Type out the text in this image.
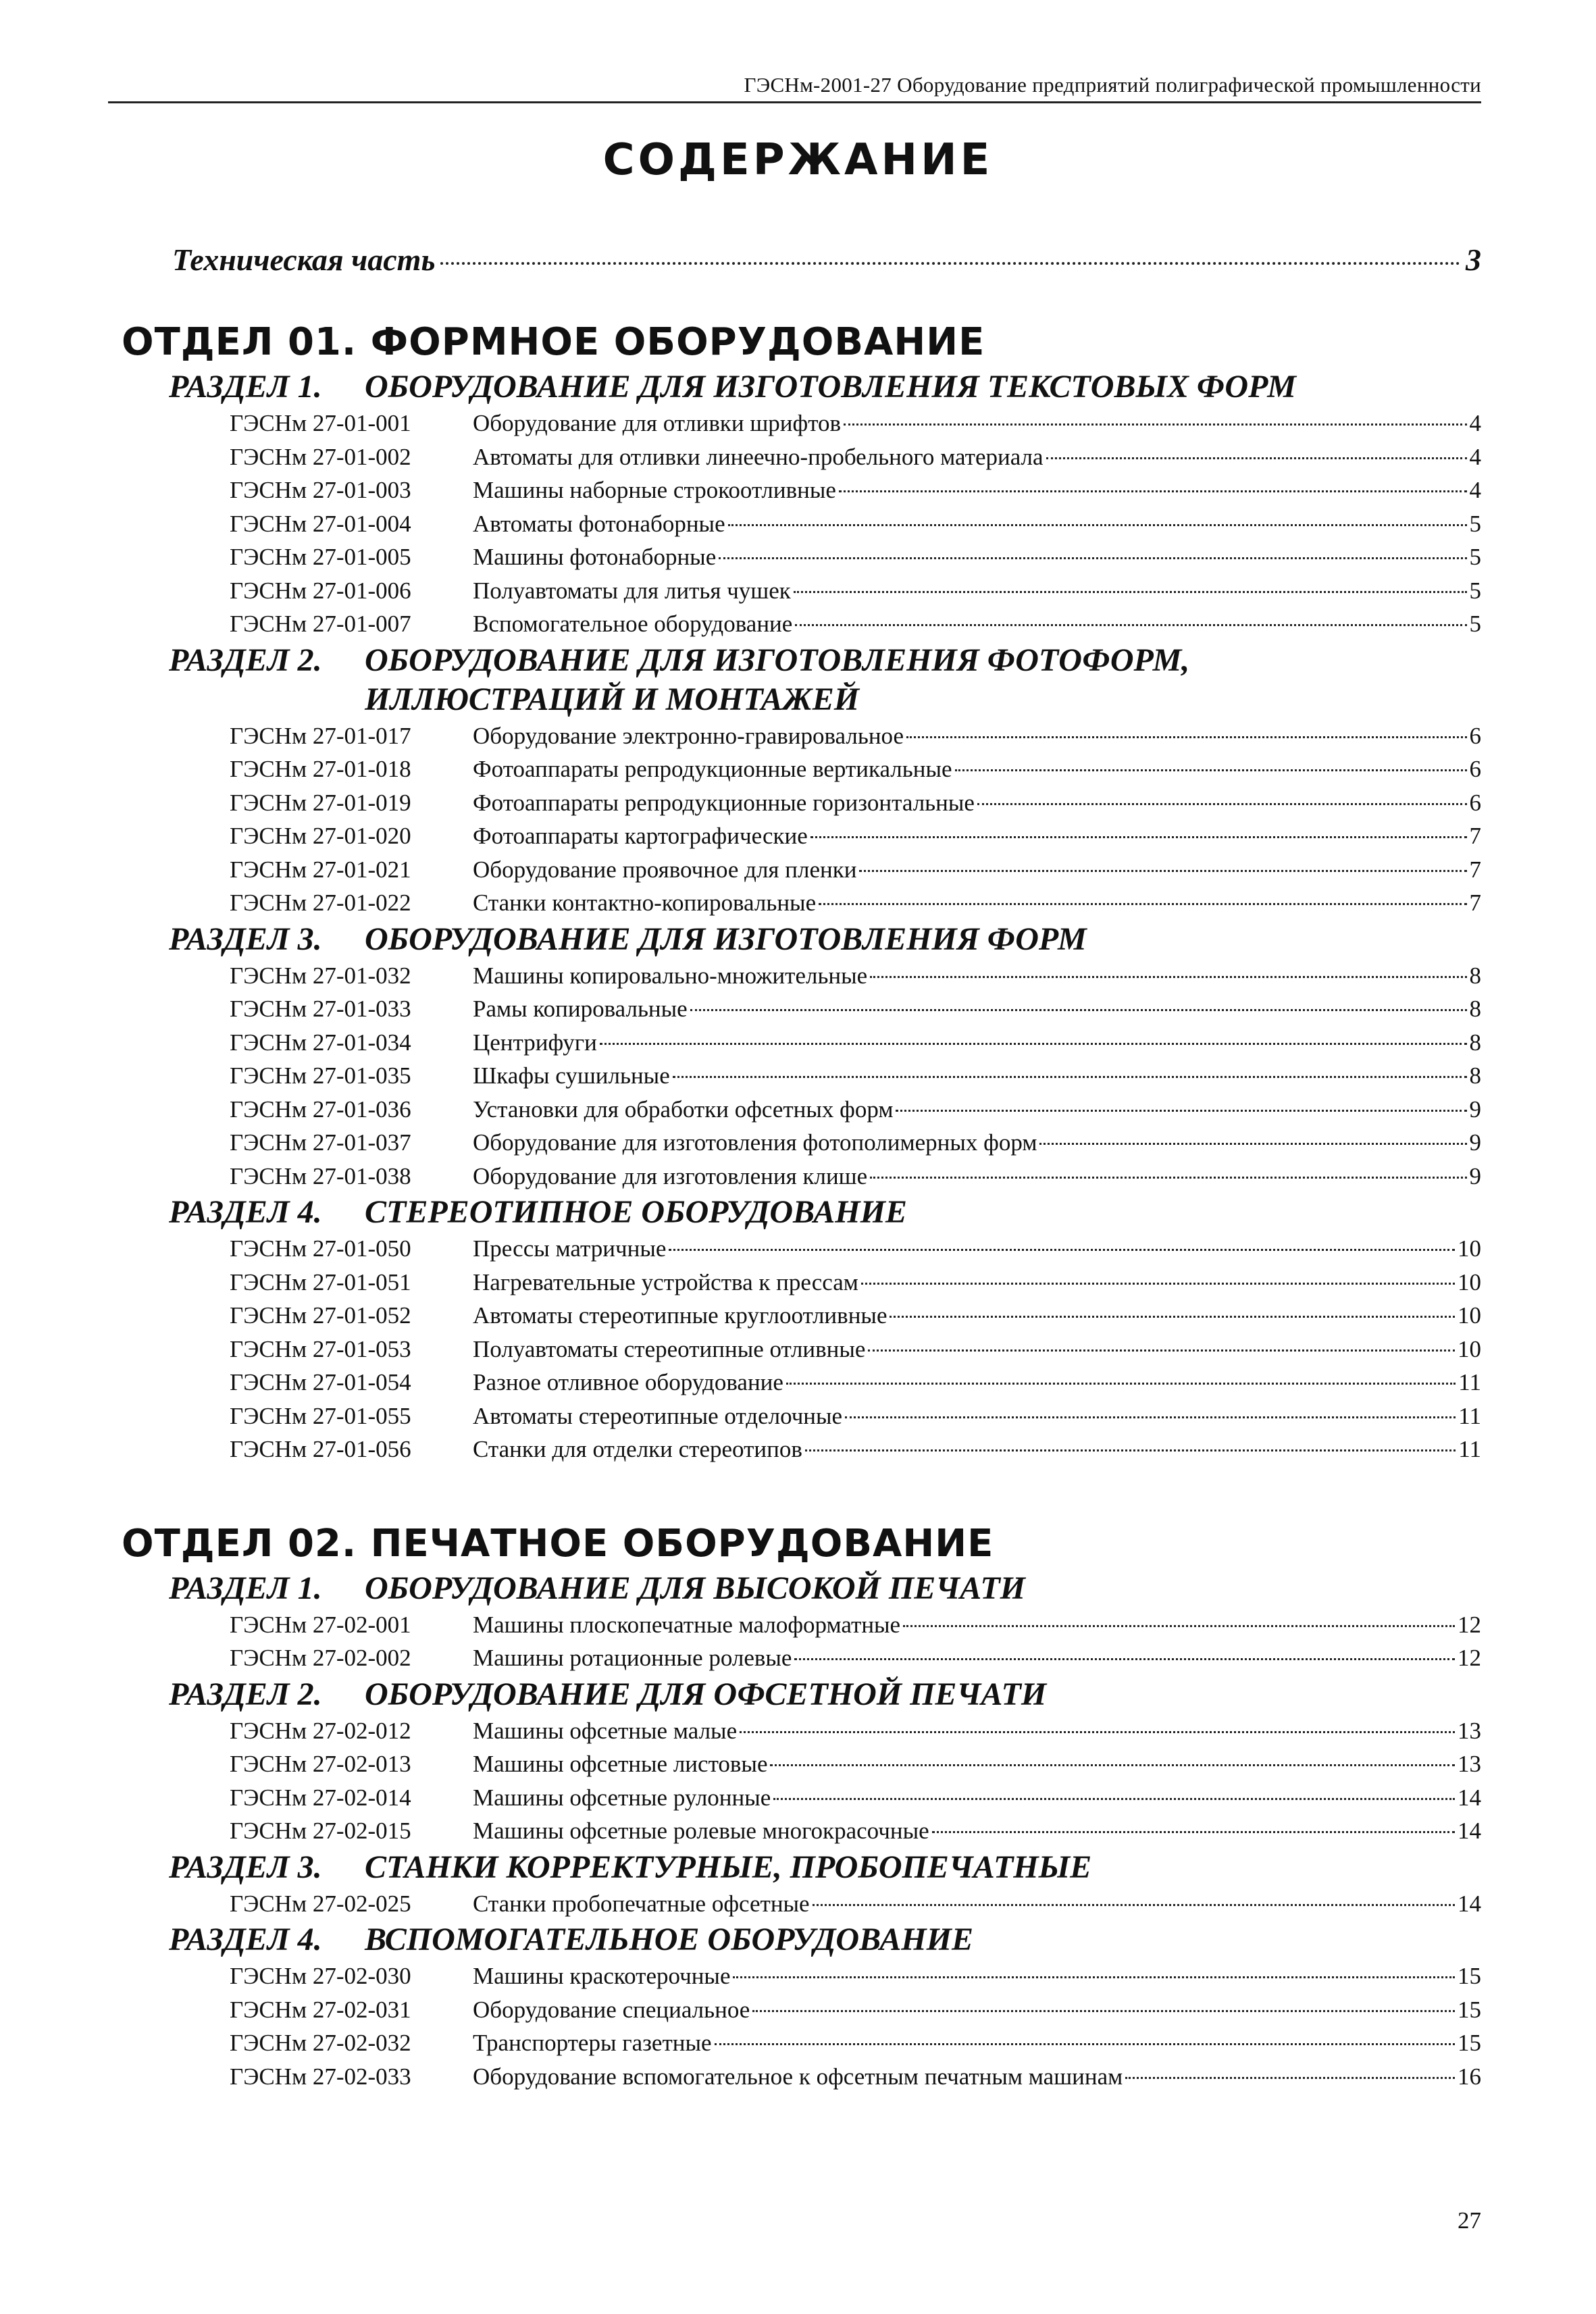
ГЭСНм-2001-27 Оборудование предприятий полиграфической промышленности
СОДЕРЖАНИЕ
Техническая часть	3
ОТДЕЛ 01. ФОРМНОЕ ОБОРУДОВАНИЕ
РАЗДЕЛ 1.	ОБОРУДОВАНИЕ ДЛЯ ИЗГОТОВЛЕНИЯ ТЕКСТОВЫХ ФОРМ
ГЭСНм 27-01-001	Оборудование для отливки шрифтов	4
ГЭСНм 27-01-002	Автоматы для отливки линеечно-пробельного материала	4
ГЭСНм 27-01-003	Машины наборные строкоотливные	4
ГЭСНм 27-01-004	Автоматы фотонаборные	5
ГЭСНм 27-01-005	Машины фотонаборные	5
ГЭСНм 27-01-006	Полуавтоматы для литья чушек	5
ГЭСНм 27-01-007	Вспомогательное оборудование	5
РАЗДЕЛ 2.	ОБОРУДОВАНИЕ ДЛЯ ИЗГОТОВЛЕНИЯ ФОТОФОРМ,
ИЛЛЮСТРАЦИЙ И МОНТАЖЕЙ
ГЭСНм 27-01-017	Оборудование электронно-гравировальное	6
ГЭСНм 27-01-018	Фотоаппараты репродукционные вертикальные	6
ГЭСНм 27-01-019	Фотоаппараты репродукционные горизонтальные	6
ГЭСНм 27-01-020	Фотоаппараты картографические	7
ГЭСНм 27-01-021	Оборудование проявочное для пленки	7
ГЭСНм 27-01-022	Станки контактно-копировальные	7
РАЗДЕЛ 3.	ОБОРУДОВАНИЕ ДЛЯ ИЗГОТОВЛЕНИЯ ФОРМ
ГЭСНм 27-01-032	Машины копировально-множительные	8
ГЭСНм 27-01-033	Рамы копировальные	8
ГЭСНм 27-01-034	Центрифуги	8
ГЭСНм 27-01-035	Шкафы сушильные	8
ГЭСНм 27-01-036	Установки для обработки офсетных форм	9
ГЭСНм 27-01-037	Оборудование для изготовления фотополимерных форм	9
ГЭСНм 27-01-038	Оборудование для изготовления клише	9
РАЗДЕЛ 4.	СТЕРЕОТИПНОЕ ОБОРУДОВАНИЕ
ГЭСНм 27-01-050	Прессы матричные	10
ГЭСНм 27-01-051	Нагревательные устройства к прессам	10
ГЭСНм 27-01-052	Автоматы стереотипные круглоотливные	10
ГЭСНм 27-01-053	Полуавтоматы стереотипные отливные	10
ГЭСНм 27-01-054	Разное отливное оборудование	11
ГЭСНм 27-01-055	Автоматы стереотипные отделочные	11
ГЭСНм 27-01-056	Станки для отделки стереотипов	11
ОТДЕЛ 02. ПЕЧАТНОЕ ОБОРУДОВАНИЕ
РАЗДЕЛ 1.	ОБОРУДОВАНИЕ ДЛЯ ВЫСОКОЙ ПЕЧАТИ
ГЭСНм 27-02-001	Машины плоскопечатные малоформатные	12
ГЭСНм 27-02-002	Машины ротационные ролевые	12
РАЗДЕЛ 2.	ОБОРУДОВАНИЕ ДЛЯ ОФСЕТНОЙ ПЕЧАТИ
ГЭСНм 27-02-012	Машины офсетные малые	13
ГЭСНм 27-02-013	Машины офсетные листовые	13
ГЭСНм 27-02-014	Машины офсетные рулонные	14
ГЭСНм 27-02-015	Машины офсетные ролевые многокрасочные	14
РАЗДЕЛ 3.	СТАНКИ КОРРЕКТУРНЫЕ, ПРОБОПЕЧАТНЫЕ
ГЭСНм 27-02-025	Станки пробопечатные офсетные	14
РАЗДЕЛ 4.	ВСПОМОГАТЕЛЬНОЕ ОБОРУДОВАНИЕ
ГЭСНм 27-02-030	Машины краскотерочные	15
ГЭСНм 27-02-031	Оборудование специальное	15
ГЭСНм 27-02-032	Транспортеры газетные	15
ГЭСНм 27-02-033	Оборудование вспомогательное к офсетным печатным машинам	16
27
